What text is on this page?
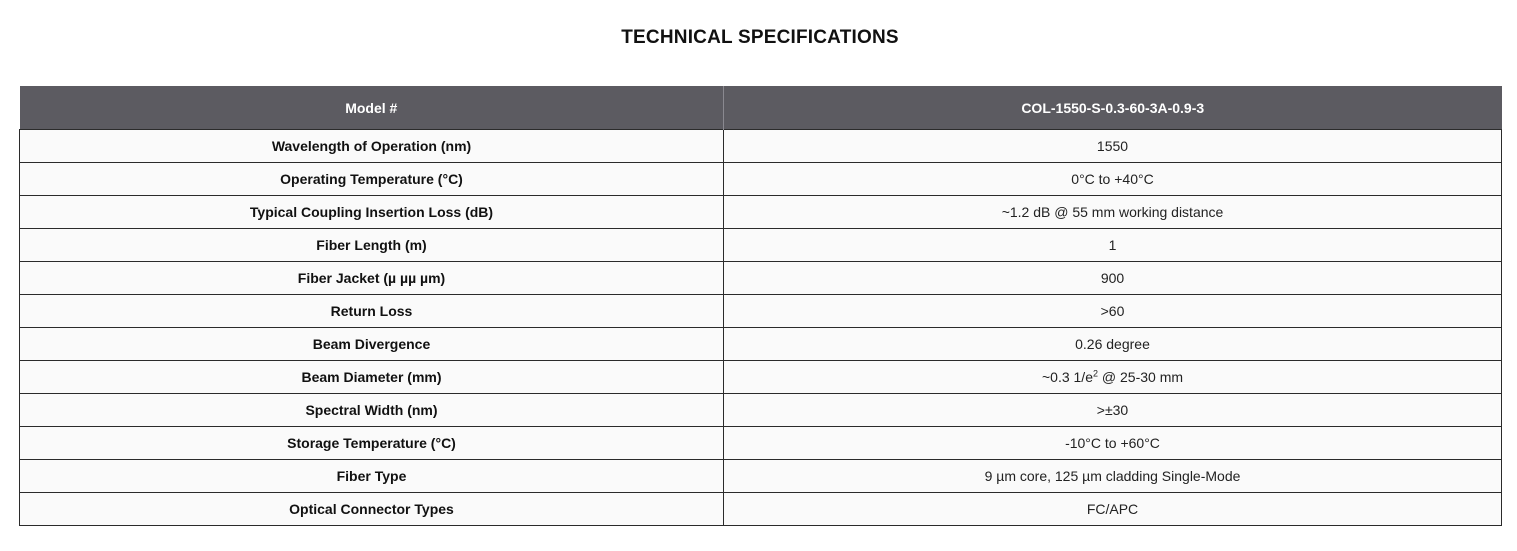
TECHNICAL SPECIFICATIONS
Model #	COL-1550-S-0.3-60-3A-0.9-3
Wavelength of Operation (nm)	1550
Operating Temperature (°C)	0°C to +40°C
Typical Coupling Insertion Loss (dB)	~1.2 dB @ 55 mm working distance
Fiber Length (m)	1
Fiber Jacket (µ µµ µm)	900
Return Loss	>60
Beam Divergence	0.26 degree
Beam Diameter (mm)	~0.3 $1/e^2$ @ 25-30 mm
Spectral Width (nm)	>±30
Storage Temperature (°C)	-10°C to +60°C
Fiber Type	9 µm core, 125 µm cladding Single-Mode
Optical Connector Types	FC/APC
